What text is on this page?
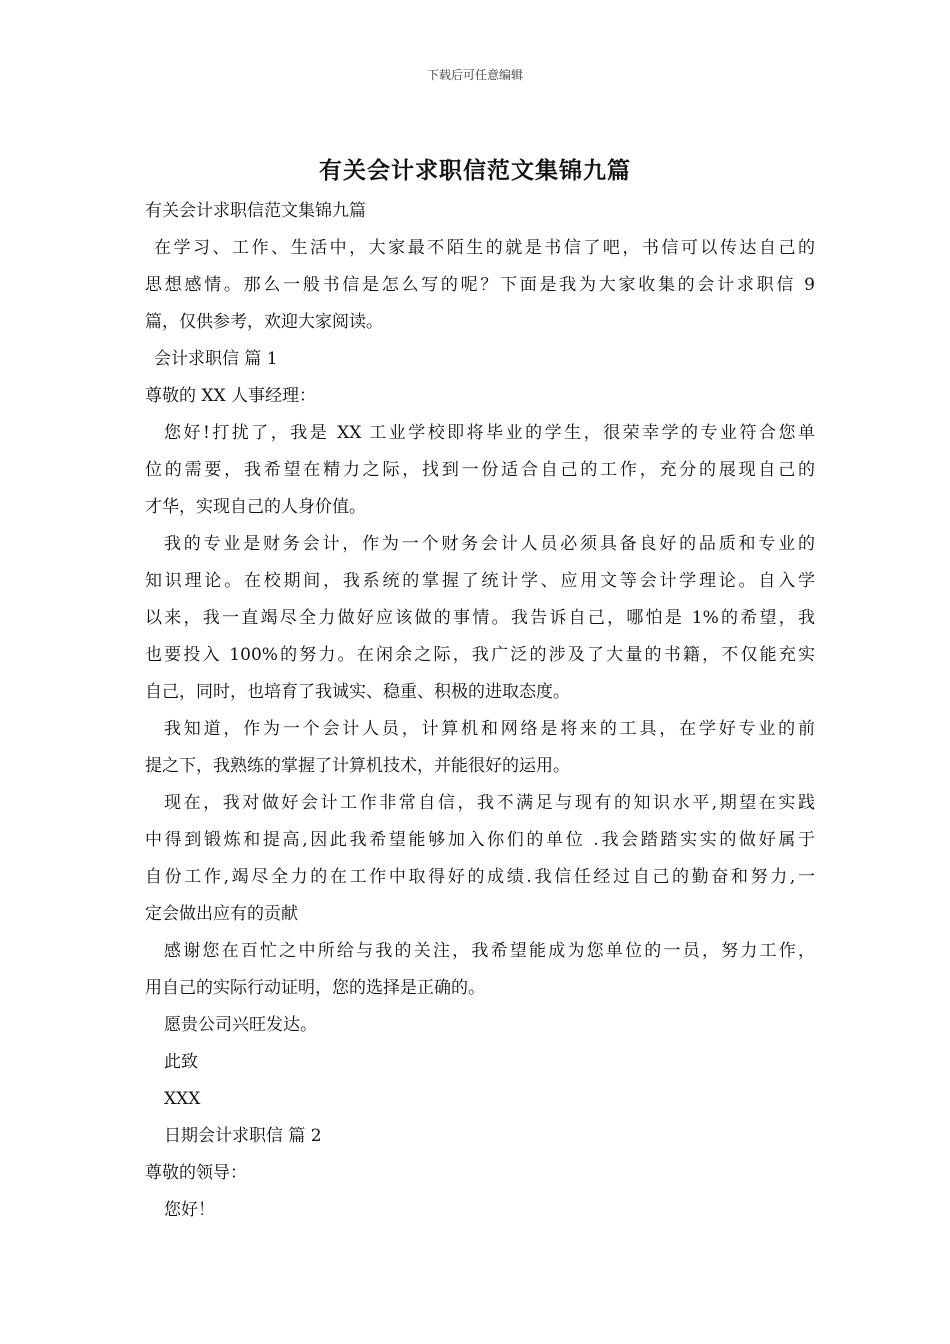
下载后可任意编辑
有关会计求职信范文集锦九篇
有关会计求职信范文集锦九篇
在学习、工作、生活中，大家最不陌生的就是书信了吧，书信可以传达自己的
思想感情。那么一般书信是怎么写的呢？下面是我为大家收集的会计求职信 9
篇，仅供参考，欢迎大家阅读。
会计求职信 篇 1
尊敬的 XX 人事经理：
您好!打扰了，我是 XX 工业学校即将毕业的学生，很荣幸学的专业符合您单
位的需要，我希望在精力之际，找到一份适合自己的工作，充分的展现自己的
才华，实现自己的人身价值。
我的专业是财务会计，作为一个财务会计人员必须具备良好的品质和专业的
知识理论。在校期间，我系统的掌握了统计学、应用文等会计学理论。自入学
以来，我一直竭尽全力做好应该做的事情。我告诉自己，哪怕是 1%的希望，我
也要投入 100%的努力。在闲余之际，我广泛的涉及了大量的书籍，不仅能充实
自己，同时，也培育了我诚实、稳重、积极的进取态度。
我知道，作为一个会计人员，计算机和网络是将来的工具，在学好专业的前
提之下，我熟练的掌握了计算机技术，并能很好的运用。
现在，我对做好会计工作非常自信，我不满足与现有的知识水平,期望在实践
中得到锻炼和提高,因此我希望能够加入你们的单位 .我会踏踏实实的做好属于
自份工作,竭尽全力的在工作中取得好的成绩.我信任经过自己的勤奋和努力,一
定会做出应有的贡献
感谢您在百忙之中所给与我的关注，我希望能成为您单位的一员，努力工作，
用自己的实际行动证明，您的选择是正确的。
愿贵公司兴旺发达。
此致
XXX
日期会计求职信 篇 2
尊敬的领导：
您好！
